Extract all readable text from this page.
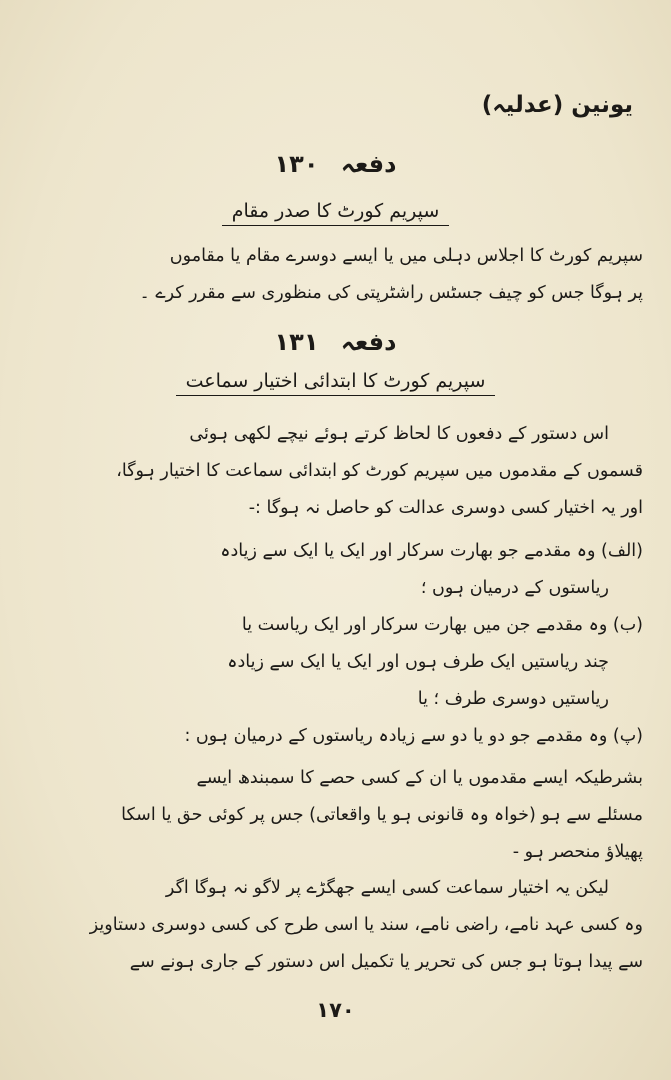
یونین (عدلیہ)
دفعہ ۱۳۰
سپریم کورٹ کا صدر مقام
سپریم کورٹ کا اجلاس دہلی میں یا ایسے دوسرے مقام یا مقاموں
پر ہوگا جس کو چیف جسٹس راشٹرپتی کی منظوری سے مقرر کرے ۔
دفعہ ۱۳۱
سپریم کورٹ کا ابتدائی اختیار سماعت
اس دستور کے دفعوں کا لحاظ کرتے ہوئے نیچے لکھی ہوئی
قسموں کے مقدموں میں سپریم کورٹ کو ابتدائی سماعت کا اختیار ہوگا،
اور یہ اختیار کسی دوسری عدالت کو حاصل نہ ہوگا :-
(الف) وہ مقدمے جو بھارت سرکار اور ایک یا ایک سے زیادہ
ریاستوں کے درمیان ہوں ؛
(ب) وہ مقدمے جن میں بھارت سرکار اور ایک ریاست یا
چند ریاستیں ایک طرف ہوں اور ایک یا ایک سے زیادہ
ریاستیں دوسری طرف ؛ یا
(پ) وہ مقدمے جو دو یا دو سے زیادہ ریاستوں کے درمیان ہوں :
بشرطیکہ ایسے مقدموں یا ان کے کسی حصے کا سمبندھ ایسے
مسئلے سے ہو (خواہ وہ قانونی ہو یا واقعاتی) جس پر کوئی حق یا اسکا
پھیلاؤ منحصر ہو -
لیکن یہ اختیار سماعت کسی ایسے جھگڑے پر لاگو نہ ہوگا اگر
وہ کسی عہد نامے، راضی نامے، سند یا اسی طرح کی کسی دوسری دستاویز
سے پیدا ہوتا ہو جس کی تحریر یا تکمیل اس دستور کے جاری ہونے سے
۱۷۰
